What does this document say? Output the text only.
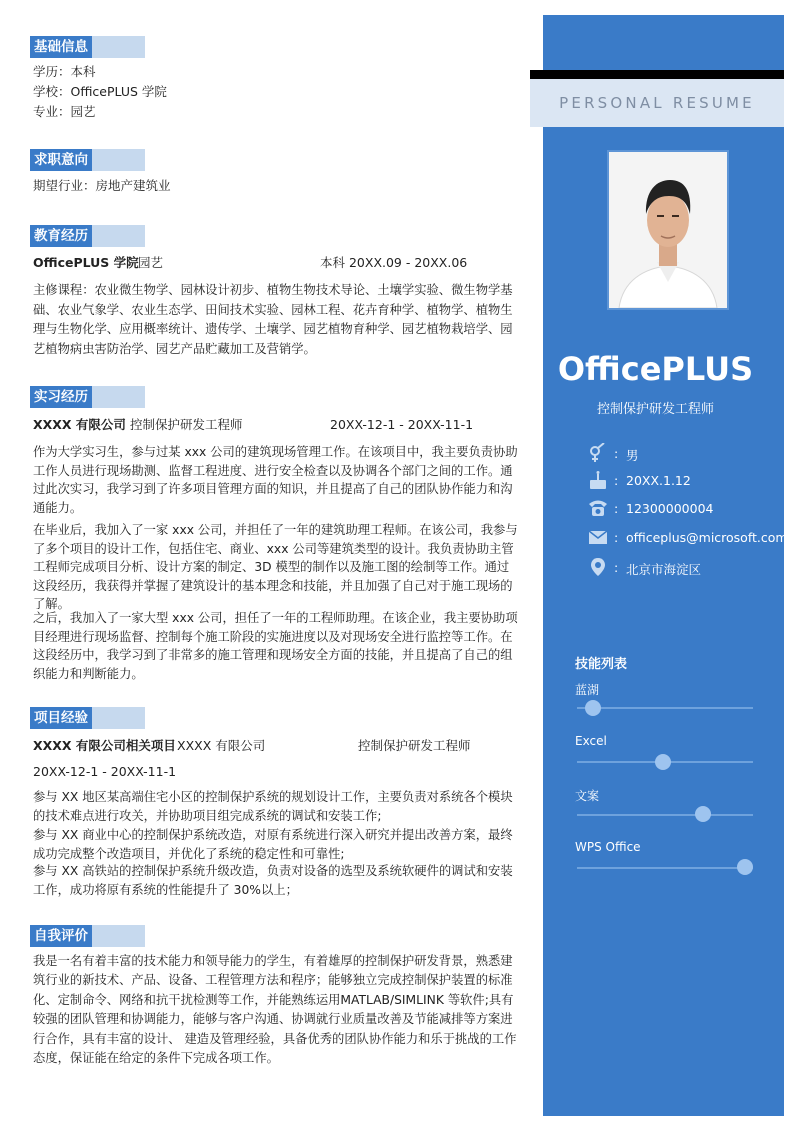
基础信息
学历：本科
学校：OfficePLUS 学院
专业：园艺
求职意向
期望行业：房地产建筑业
教育经历
OfficePLUS 学院 园艺	本科 20XX.09 - 20XX.06
主修课程：农业微生物学、园林设计初步、植物生物技术导论、土壤学实验、微生物学基础、农业气象学、农业生态学、田间技术实验、园林工程、花卉育种学、植物学、植物生理与生物化学、应用概率统计、遗传学、土壤学、园艺植物育种学、园艺植物栽培学、园艺植物病虫害防治学、园艺产品贮藏加工及营销学。
实习经历
XXXX 有限公司 控制保护研发工程师	20XX-12-1 - 20XX-11-1
作为大学实习生，参与过某 xxx 公司的建筑现场管理工作。在该项目中，我主要负责协助工作人员进行现场勘测、监督工程进度、进行安全检查以及协调各个部门之间的工作。通过此次实习，我学习到了许多项目管理方面的知识，并且提高了自己的团队协作能力和沟通能力。
在毕业后，我加入了一家 xxx 公司，并担任了一年的建筑助理工程师。在该公司，我参与了多个项目的设计工作，包括住宅、商业、xxx 公司等建筑类型的设计。我负责协助主管工程师完成项目分析、设计方案的制定、3D 模型的制作以及施工图的绘制等工作。通过这段经历，我获得并掌握了建筑设计的基本理念和技能，并且加强了自己对于施工现场的了解。
之后，我加入了一家大型 xxx 公司，担任了一年的工程师助理。在该企业，我主要协助项目经理进行现场监督、控制每个施工阶段的实施进度以及对现场安全进行监控等工作。在这段经历中，我学习到了非常多的施工管理和现场安全方面的技能，并且提高了自己的组织能力和判断能力。
项目经验
XXXX 有限公司相关项目 XXXX 有限公司	控制保护研发工程师
20XX-12-1 - 20XX-11-1
参与 XX 地区某高端住宅小区的控制保护系统的规划设计工作，主要负责对系统各个模块的技术难点进行攻关，并协助项目组完成系统的调试和安装工作;
参与 XX 商业中心的控制保护系统改造，对原有系统进行深入研究并提出改善方案，最终成功完成整个改造项目，并优化了系统的稳定性和可靠性;
参与 XX 高铁站的控制保护系统升级改造，负责对设备的选型及系统软硬件的调试和安装工作，成功将原有系统的性能提升了 30%以上；
自我评价
我是一名有着丰富的技术能力和领导能力的学生，有着雄厚的控制保护研发背景，熟悉建筑行业的新技术、产品、设备、工程管理方法和程序；能够独立完成控制保护装置的标准化、定制命令、网络和抗干扰检测等工作，并能熟练运用MATLAB/SIMLINK 等软件;具有较强的团队管理和协调能力，能够与客户沟通、协调就行业质量改善及节能减排等方案进行合作，具有丰富的设计、 建造及管理经验，具备优秀的团队协作能力和乐于挑战的工作态度，保证能在给定的条件下完成各项工作。
PERSONAL RESUME
OfficePLUS
控制保护研发工程师
: 男
: 20XX.1.12
: 12300000004
: officeplus@microsoft.com
: 北京市海淀区
技能列表
蓝湖
Excel
文案
WPS Office
